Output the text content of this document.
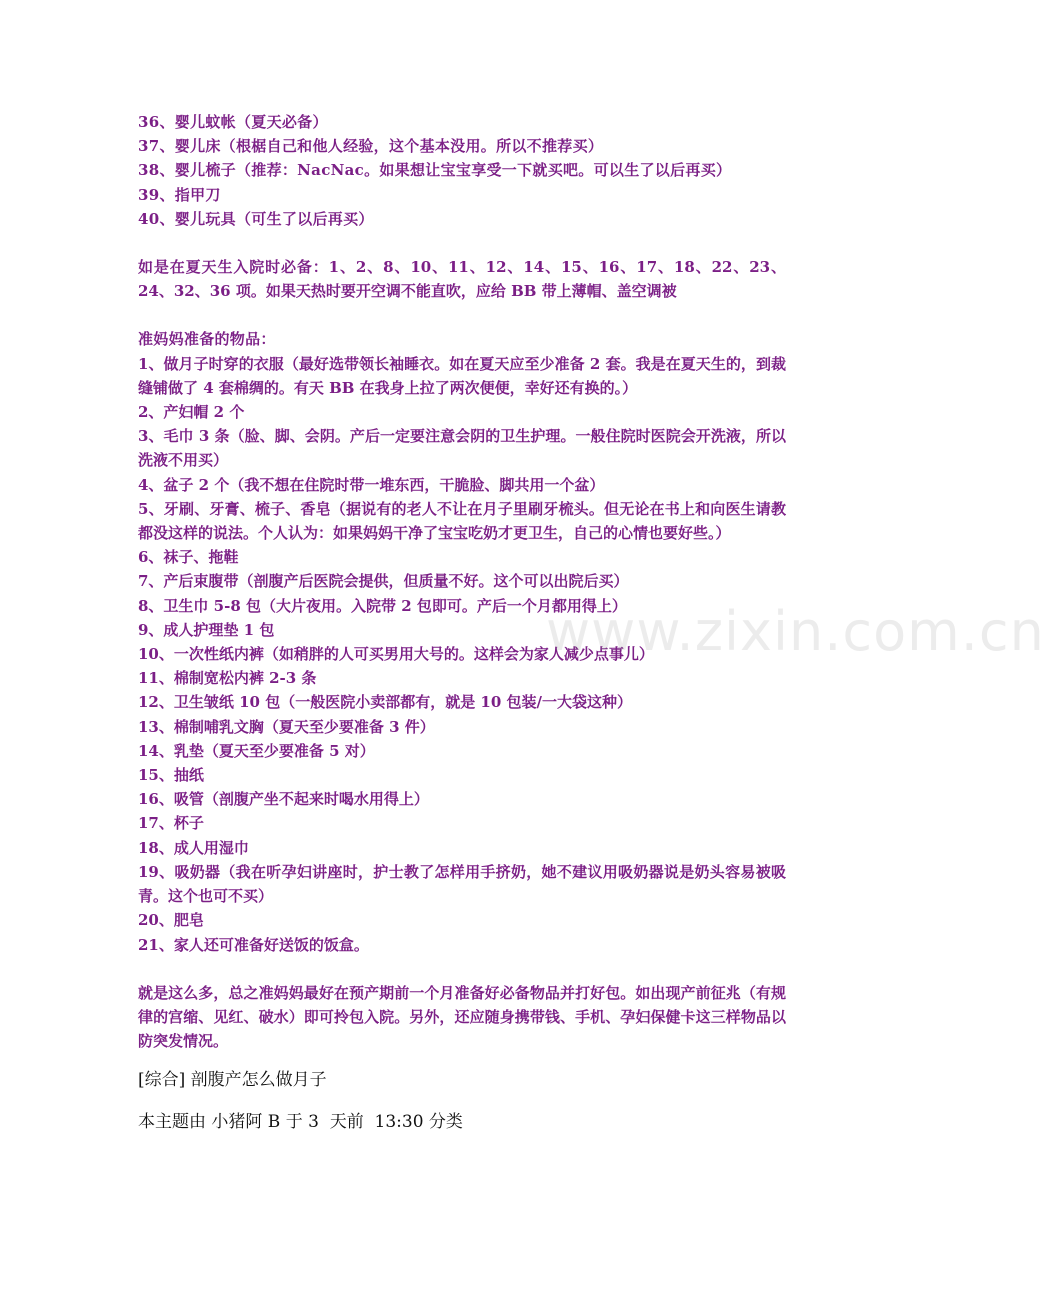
36、婴儿蚊帐（夏天必备）
37、婴儿床（根椐自己和他人经验，这个基本没用。所以不推荐买）
38、婴儿梳子（推荐：NacNac。如果想让宝宝享受一下就买吧。可以生了以后再买）
39、指甲刀
40、婴儿玩具（可生了以后再买）
如是在夏天生入院时必备：1、2、8、10、11、12、14、15、16、17、18、22、23、24、32、36 项。如果天热时要开空调不能直吹，应给 BB 带上薄帽、盖空调被
准妈妈准备的物品：
1、做月子时穿的衣服（最好选带领长袖睡衣。如在夏天应至少准备 2 套。我是在夏天生的，到裁缝铺做了 4 套棉绸的。有天 BB 在我身上拉了两次便便，幸好还有换的。）
2、产妇帽 2 个
3、毛巾 3 条（脸、脚、会阴。产后一定要注意会阴的卫生护理。一般住院时医院会开洗液，所以洗液不用买）
4、盆子 2 个（我不想在住院时带一堆东西，干脆脸、脚共用一个盆）
5、牙刷、牙膏、梳子、香皂（据说有的老人不让在月子里刷牙梳头。但无论在书上和向医生请教都没这样的说法。个人认为：如果妈妈干净了宝宝吃奶才更卫生，自己的心情也要好些。）
6、袜子、拖鞋
7、产后束腹带（剖腹产后医院会提供，但质量不好。这个可以出院后买）
8、卫生巾 5-8 包（大片夜用。入院带 2 包即可。产后一个月都用得上）
9、成人护理垫 1 包
10、一次性纸内裤（如稍胖的人可买男用大号的。这样会为家人减少点事儿）
11、棉制宽松内裤 2-3 条
12、卫生皱纸 10 包（一般医院小卖部都有，就是 10 包装/一大袋这种）
13、棉制哺乳文胸（夏天至少要准备 3 件）
14、乳垫（夏天至少要准备 5 对）
15、抽纸
16、吸管（剖腹产坐不起来时喝水用得上）
17、杯子
18、成人用湿巾
19、吸奶器（我在听孕妇讲座时，护士教了怎样用手挤奶，她不建议用吸奶器说是奶头容易被吸青。这个也可不买）
20、肥皂
21、家人还可准备好送饭的饭盒。
就是这么多，总之准妈妈最好在预产期前一个月准备好必备物品并打好包。如出现产前征兆（有规律的宫缩、见红、破水）即可拎包入院。另外，还应随身携带钱、手机、孕妇保健卡这三样物品以防突发情况。
[综合] 剖腹产怎么做月子
本主题由 小猪阿 B 于 3  天前  13:30 分类
www.zixin.com.cn
